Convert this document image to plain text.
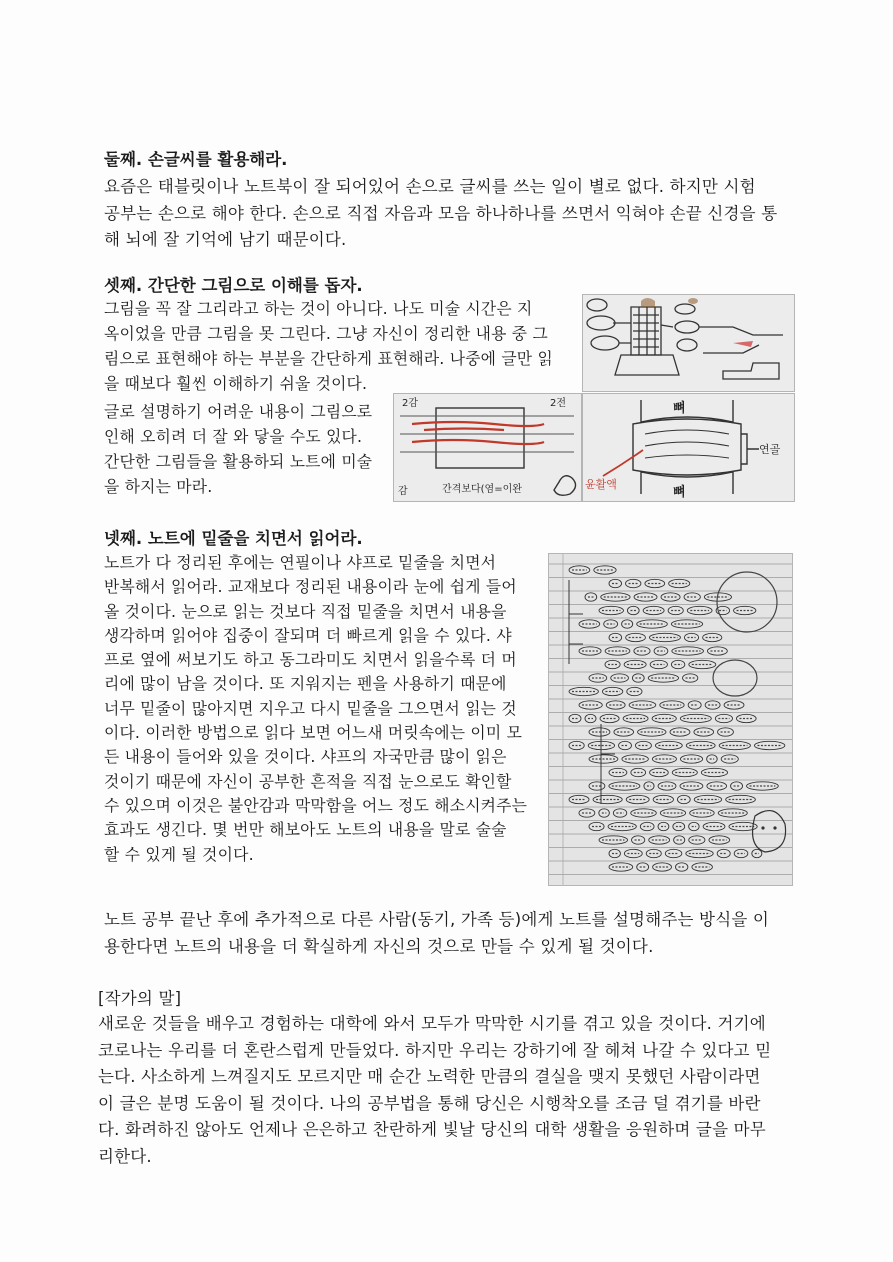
둘째. 손글씨를 활용해라.

요즘은 태블릿이나 노트북이 잘 되어있어 손으로 글씨를 쓰는 일이 별로 없다. 하지만 시험
공부는 손으로 해야 한다. 손으로 직접 자음과 모음 하나하나를 쓰면서 익혀야 손끝 신경을 통
해 뇌에 잘 기억에 남기 때문이다.

셋째. 간단한 그림으로 이해를 돕자.

그림을 꼭 잘 그리라고 하는 것이 아니다. 나도 미술 시간은 지
옥이었을 만큼 그림을 못 그린다. 그냥 자신이 정리한 내용 중 그
림으로 표현해야 하는 부분을 간단하게 표현해라. 나중에 글만 읽
을 때보다 훨씬 이해하기 쉬울 것이다.
글로 설명하기 어려운 내용이 그림으로
인해 오히려 더 잘 와 닿을 수도 있다.
간단한 그림들을 활용하되 노트에 미술
을 하지는 마라.
2감	2전
감	간격보다(염=이완
뼈
뼈
연골
윤활액

넷째. 노트에 밑줄을 치면서 읽어라.

노트가 다 정리된 후에는 연필이나 샤프로 밑줄을 치면서
반복해서 읽어라. 교재보다 정리된 내용이라 눈에 쉽게 들어
올 것이다. 눈으로 읽는 것보다 직접 밑줄을 치면서 내용을
생각하며 읽어야 집중이 잘되며 더 빠르게 읽을 수 있다. 샤
프로 옆에 써보기도 하고 동그라미도 치면서 읽을수록 더 머
리에 많이 남을 것이다. 또 지워지는 펜을 사용하기 때문에
너무 밑줄이 많아지면 지우고 다시 밑줄을 그으면서 읽는 것
이다. 이러한 방법으로 읽다 보면 어느새 머릿속에는 이미 모
든 내용이 들어와 있을 것이다. 샤프의 자국만큼 많이 읽은
것이기 때문에 자신이 공부한 흔적을 직접 눈으로도 확인할
수 있으며 이것은 불안감과 막막함을 어느 정도 해소시켜주는
효과도 생긴다. 몇 번만 해보아도 노트의 내용을 말로 술술
할 수 있게 될 것이다.
노트 공부 끝난 후에 추가적으로 다른 사람(동기, 가족 등)에게 노트를 설명해주는 방식을 이
용한다면 노트의 내용을 더 확실하게 자신의 것으로 만들 수 있게 될 것이다.

[작가의 말]

새로운 것들을 배우고 경험하는 대학에 와서 모두가 막막한 시기를 겪고 있을 것이다. 거기에
코로나는 우리를 더 혼란스럽게 만들었다. 하지만 우리는 강하기에 잘 헤쳐 나갈 수 있다고 믿
는다. 사소하게 느껴질지도 모르지만 매 순간 노력한 만큼의 결실을 맺지 못했던 사람이라면
이 글은 분명 도움이 될 것이다. 나의 공부법을 통해 당신은 시행착오를 조금 덜 겪기를 바란
다. 화려하진 않아도 언제나 은은하고 찬란하게 빛날 당신의 대학 생활을 응원하며 글을 마무
리한다.
